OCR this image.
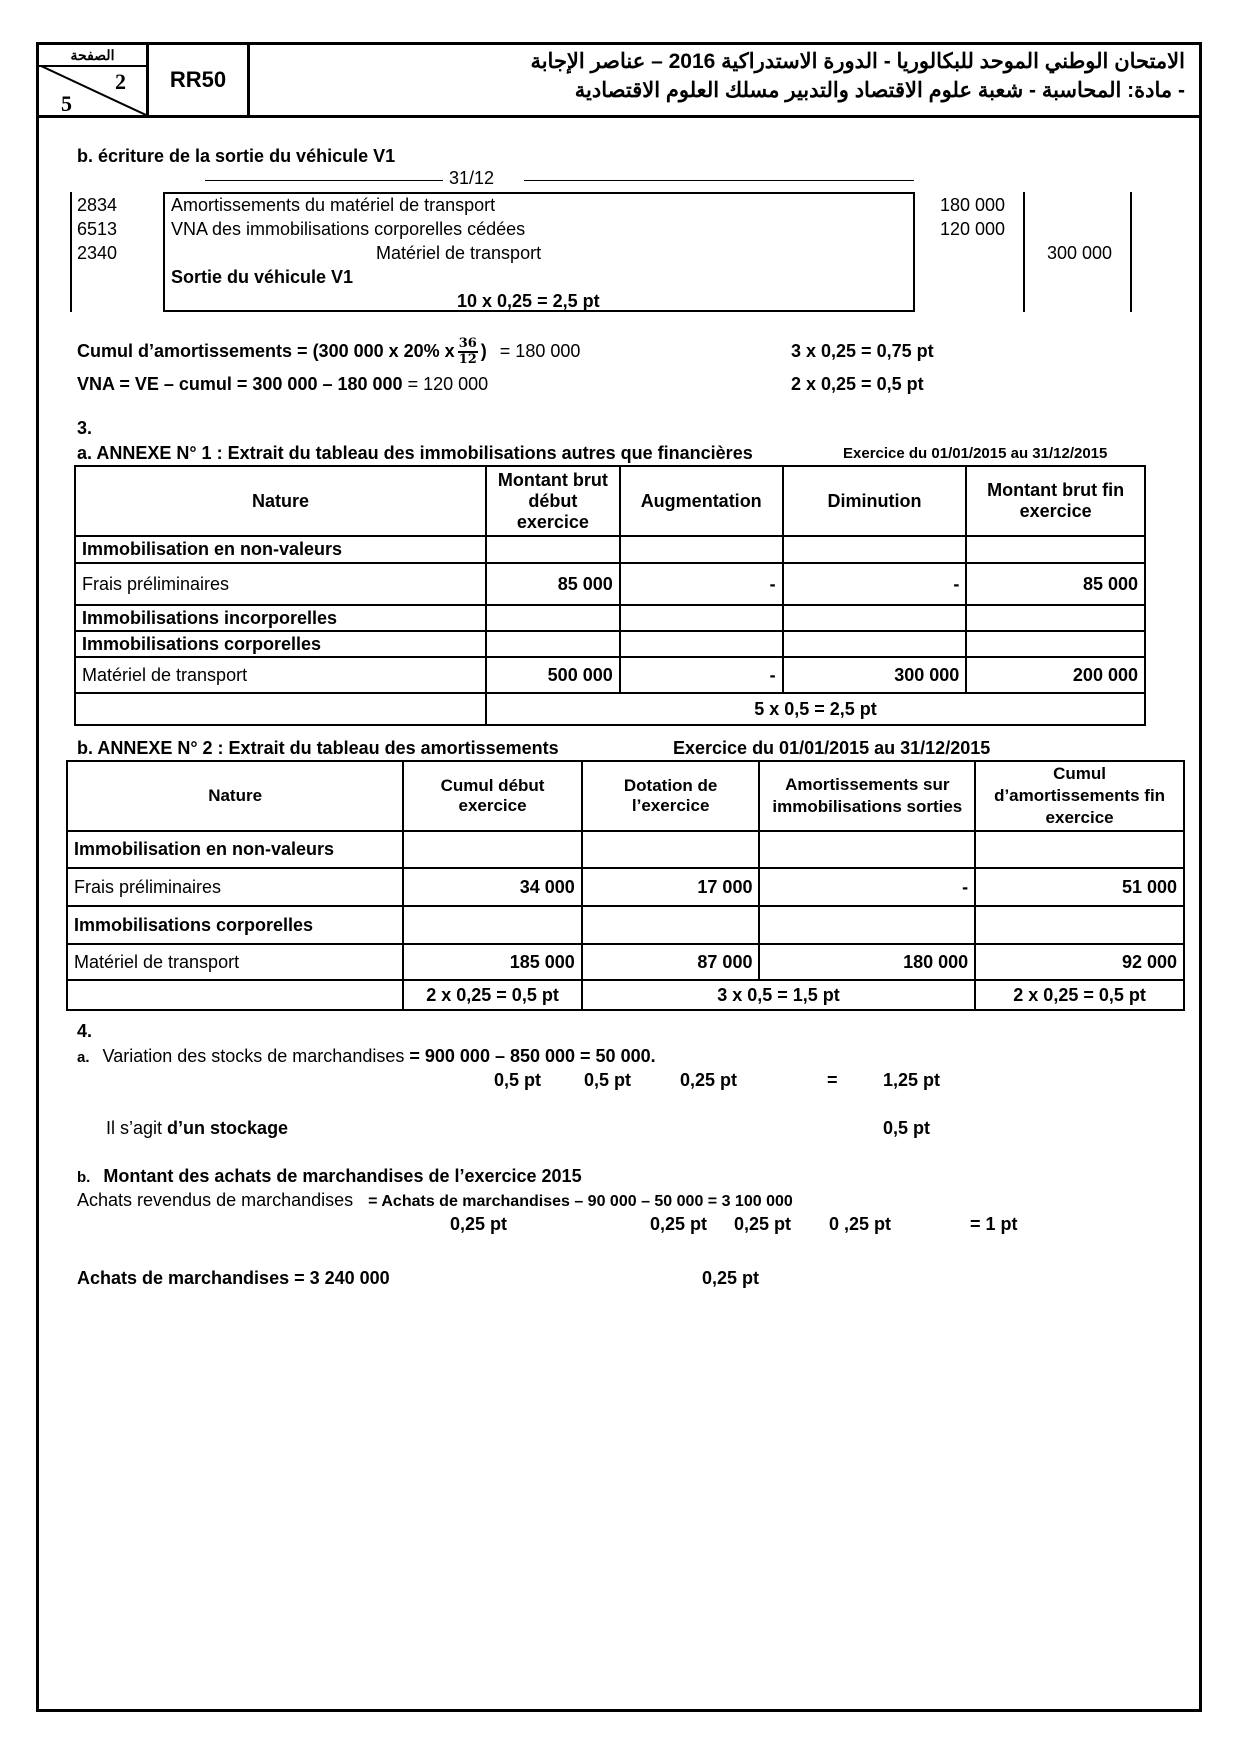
الصفحة
2
5
RR50
الامتحان الوطني الموحد للبكالوريا - الدورة الاستدراكية 2016 – عناصر الإجابة
- مادة: المحاسبة - شعبة علوم الاقتصاد والتدبير مسلك العلوم الاقتصادية
b. écriture de la sortie du véhicule V1
31/12
2834	Amortissements du matériel de transport	180 000
6513	VNA des immobilisations corporelles cédées	120 000
2340	Matériel de transport	300 000
Sortie du véhicule V1
10 x 0,25 = 2,5 pt
Cumul d’amortissements = (300 000 x 20% x $\frac{36}{12}$ ) = 180 000	3 x 0,25 = 0,75 pt
VNA = VE – cumul = 300 000 – 180 000 = 120 000	2 x 0,25 = 0,5 pt
3.
a. ANNEXE N° 1 : Extrait du tableau des immobilisations autres que financières	Exercice du 01/01/2015 au 31/12/2015
Nature	Montant brut début exercice	Augmentation	Diminution	Montant brut fin exercice
Immobilisation en non-valeurs				
Frais préliminaires	85 000	-	-	85 000
Immobilisations incorporelles				
Immobilisations corporelles				
Matériel de transport	500 000	-	300 000	200 000
	5 x 0,5 = 2,5 pt			
b. ANNEXE N° 2 : Extrait du tableau des amortissements	Exercice du 01/01/2015 au 31/12/2015
Nature	Cumul début exercice	Dotation de l’exercice	Amortissements sur immobilisations sorties	Cumul d’amortissements fin exercice
Immobilisation en non-valeurs				
Frais préliminaires	34 000	17 000	-	51 000
Immobilisations corporelles				
Matériel de transport	185 000	87 000	180 000	92 000
	2 x 0,25 = 0,5 pt	3 x 0,5 = 1,5 pt		2 x 0,25 = 0,5 pt
4.
a. Variation des stocks de marchandises = 900 000 – 850 000 = 50 000.
0,5 pt 0,5 pt	0,25 pt	=	1,25 pt
Il s’agit d’un stockage	0,5 pt
b. Montant des achats de marchandises de l’exercice 2015
Achats revendus de marchandises = Achats de marchandises – 90 000 – 50 000 = 3 100 000
0,25 pt	0,25 pt 0,25 pt 0 ,25 pt	= 1 pt
Achats de marchandises = 3 240 000	0,25 pt
